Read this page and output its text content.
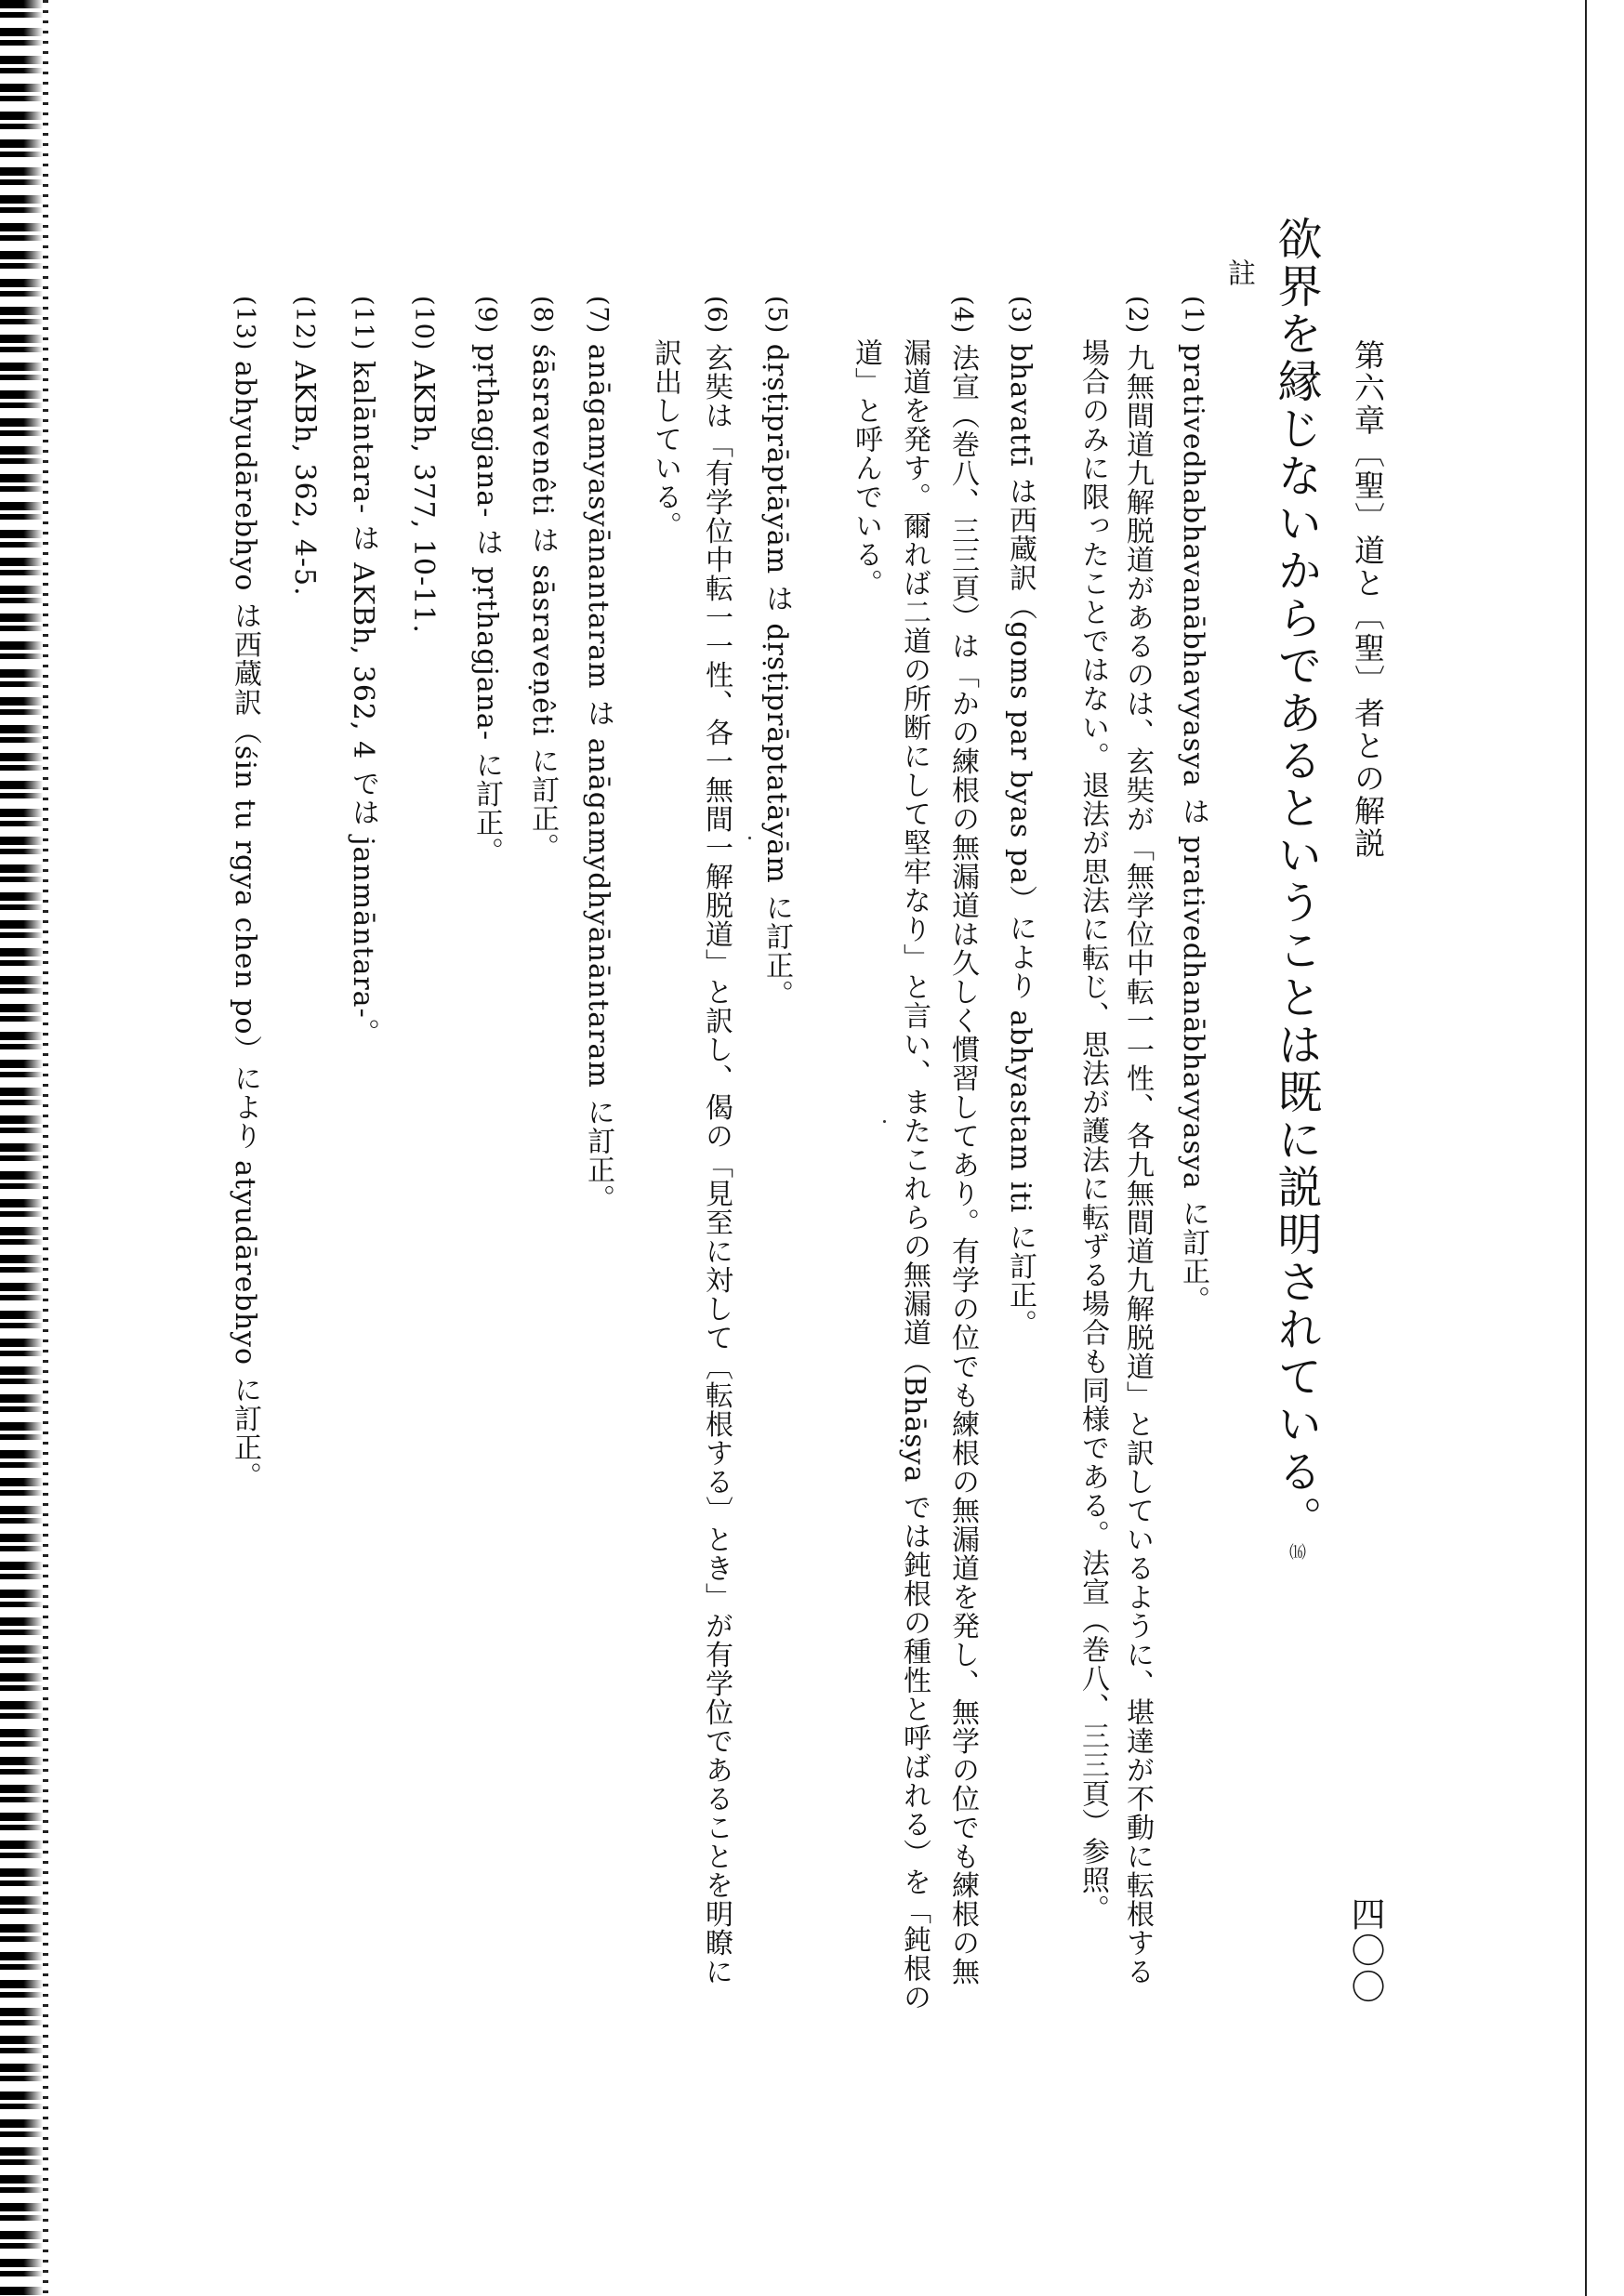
第六章〔聖〕道と〔聖〕者との解説
四〇〇
欲界を縁じないからであるということは既に説明されている。⒃
註
(1) prativedhabhavanābhavyasya は prativedhanābhavyasya に訂正。
(2) 九無間道九解脱道があるのは、玄奘が「無学位中転一一性、各九無間道九解脱道」と訳しているように、堪達が不動に転根する
場合のみに限ったことではない。退法が思法に転じ、思法が護法に転ずる場合も同様である。法宣（巻八、三三頁）参照。
(3) bhavattī は西蔵訳（goms par byas pa）により abhyastam iti に訂正。
(4) 法宣（巻八、三三頁）は「かの練根の無漏道は久しく慣習してあり。有学の位でも練根の無漏道を発し、無学の位でも練根の無
漏道を発す。爾れば二道の所断にして堅牢なり」と言い、またこれらの無漏道（Bhāṣya では鈍根の種性と呼ばれる）を「鈍根の
道」と呼んでいる。
(5) dṛṣṭiprāptāyām は dṛṣṭiprāptatāyām に訂正。
(6) 玄奘は「有学位中転一一性、各一無間一解脱道」と訳し、偈の「見至に対して〔転根する〕とき」が有学位であることを明瞭に
訳出している。
(7) anāgamyasyānantaram は anāgamydhyānāntaram に訂正。
(8) śāsravenêti は sāsraveṇêti に訂正。
(9) pṛthagjana- は pṛthagjana- に訂正。
(10) AKBh, 377, 10-11.
(11) kalāntara- は AKBh, 362, 4 では janmāntara-。
(12) AKBh, 362, 4-5.
(13) abhyudārebhyo は西蔵訳（śin tu rgya chen po）により atyudārebhyo に訂正。
